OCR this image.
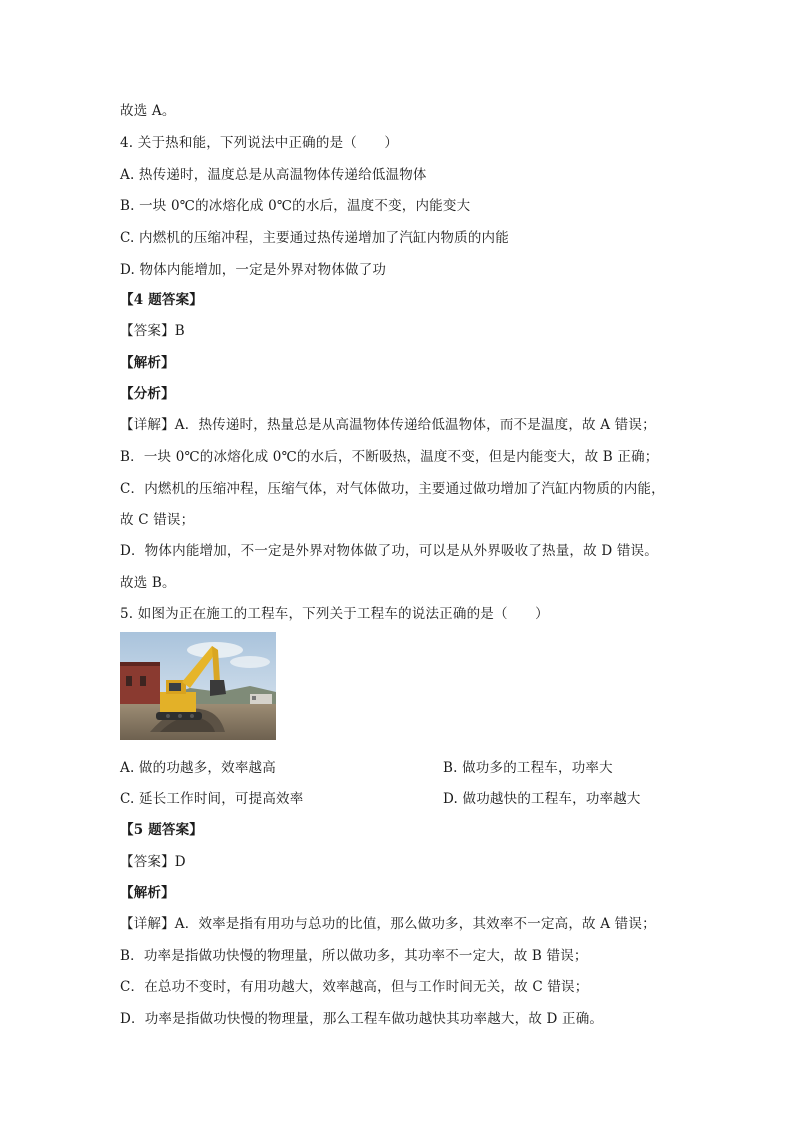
故选 A。
4. 关于热和能，下列说法中正确的是（　　）
A. 热传递时，温度总是从高温物体传递给低温物体
B. 一块 0℃的冰熔化成 0℃的水后，温度不变，内能变大
C. 内燃机的压缩冲程，主要通过热传递增加了汽缸内物质的内能
D. 物体内能增加，一定是外界对物体做了功
【4 题答案】
【答案】B
【解析】
【分析】
【详解】A．热传递时，热量总是从高温物体传递给低温物体，而不是温度，故 A 错误；
B．一块 0℃的冰熔化成 0℃的水后，不断吸热，温度不变，但是内能变大，故 B 正确；
C．内燃机的压缩冲程，压缩气体，对气体做功，主要通过做功增加了汽缸内物质的内能，
故 C 错误；
D．物体内能增加，不一定是外界对物体做了功，可以是从外界吸收了热量，故 D 错误。
故选 B。
5. 如图为正在施工的工程车，下列关于工程车的说法正确的是（　　）
A. 做的功越多，效率越高	B. 做功多的工程车，功率大
C. 延长工作时间，可提高效率	D. 做功越快的工程车，功率越大
【5 题答案】
【答案】D
【解析】
【详解】A．效率是指有用功与总功的比值，那么做功多，其效率不一定高，故 A 错误；
B．功率是指做功快慢的物理量，所以做功多，其功率不一定大，故 B 错误；
C．在总功不变时，有用功越大，效率越高，但与工作时间无关，故 C 错误；
D．功率是指做功快慢的物理量，那么工程车做功越快其功率越大，故 D 正确。
